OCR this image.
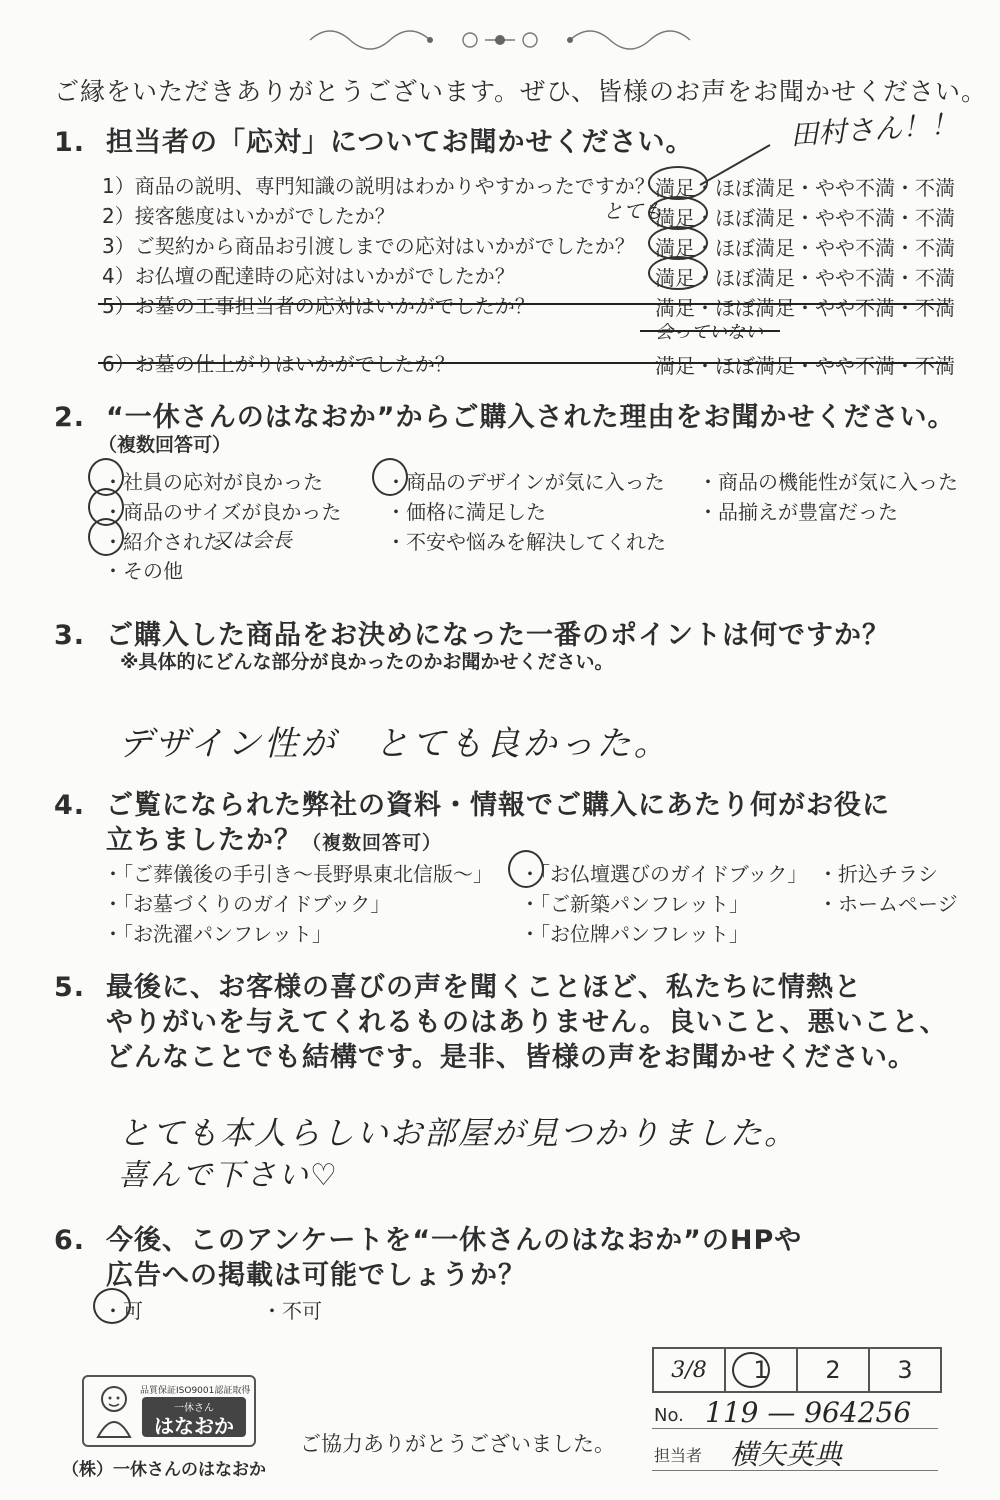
ご縁をいただきありがとうございます。ぜひ、皆様のお声をお聞かせください。
1. 担当者の「応対」についてお聞かせください。	田村さん！！
1）商品の説明、専門知識の説明はわかりやすかったですか？ 満足・ほぼ満足・やや不満・不満
2）接客態度はいかがでしたか？	とても
満足・ほぼ満足・やや不満・不満
3）ご契約から商品お引渡しまでの応対はいかがでしたか？ 満足・ほぼ満足・やや不満・不満
4）お仏壇の配達時の応対はいかがでしたか？	満足・ほぼ満足・やや不満・不満
5）お墓の工事担当者の応対はいかがでしたか？	満足・ほぼ満足・やや不満・不満
会っていない
6）お墓の仕上がりはいかがでしたか？	満足・ほぼ満足・やや不満・不満
2. “一休さんのはなおか”からご購入された理由をお聞かせください。
（複数回答可）
・社員の応対が良かった	・商品のデザインが気に入った ・商品の機能性が気に入った
・商品のサイズが良かった ・価格に満足した	・品揃えが豊富だった
・紹介された
又は会長	・不安や悩みを解決してくれた
・その他
3. ご購入した商品をお決めになった一番のポイントは何ですか？
※具体的にどんな部分が良かったのかお聞かせください。
デザイン性が　とても良かった。
4. ご覧になられた弊社の資料・情報でご購入にあたり何がお役に
立ちましたか？（複数回答可）
・「ご葬儀後の手引き〜長野県東北信版〜」 ・「お仏壇選びのガイドブック」 ・折込チラシ
・「お墓づくりのガイドブック」	・「ご新築パンフレット」	・ホームページ
・「お洗濯パンフレット」	・「お位牌パンフレット」
5. 最後に、お客様の喜びの声を聞くことほど、私たちに情熱と
やりがいを与えてくれるものはありません。良いこと、悪いこと、
どんなことでも結構です。是非、皆様の声をお聞かせください。
とても本人らしいお部屋が見つかりました。
喜んで下さい♡
6. 今後、このアンケートを“一休さんのはなおか”のHPや
広告への掲載は可能でしょうか？
・可	・不可
3/8	1	2	3
No. 119 — 964256
担当者 横矢英典
ご協力ありがとうございました。
品質保証ISO9001認証取得
一休さん
はなおか
（株）一休さんのはなおか
